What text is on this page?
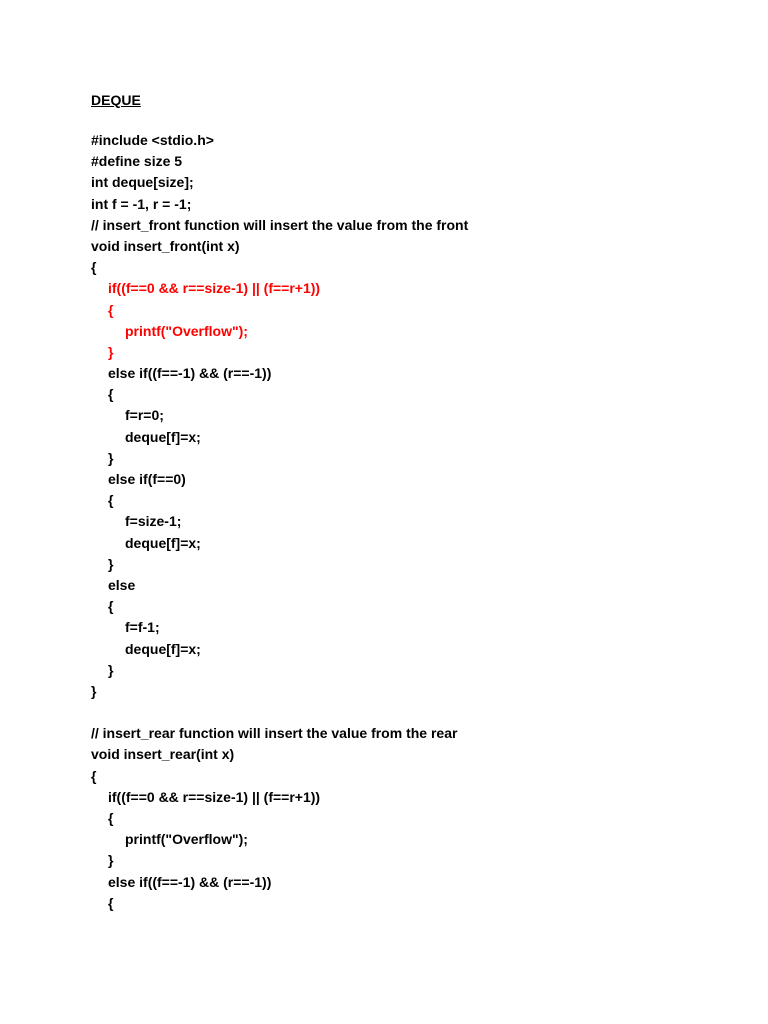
DEQUE
#include <stdio.h>
#define size 5
int deque[size];
int f = -1, r = -1;
// insert_front function will insert the value from the front
void insert_front(int x)
{
if((f==0 && r==size-1) || (f==r+1))
{
printf("Overflow");
}
else if((f==-1) && (r==-1))
{
f=r=0;
deque[f]=x;
}
else if(f==0)
{
f=size-1;
deque[f]=x;
}
else
{
f=f-1;
deque[f]=x;
}
}
// insert_rear function will insert the value from the rear
void insert_rear(int x)
{
if((f==0 && r==size-1) || (f==r+1))
{
printf("Overflow");
}
else if((f==-1) && (r==-1))
{
